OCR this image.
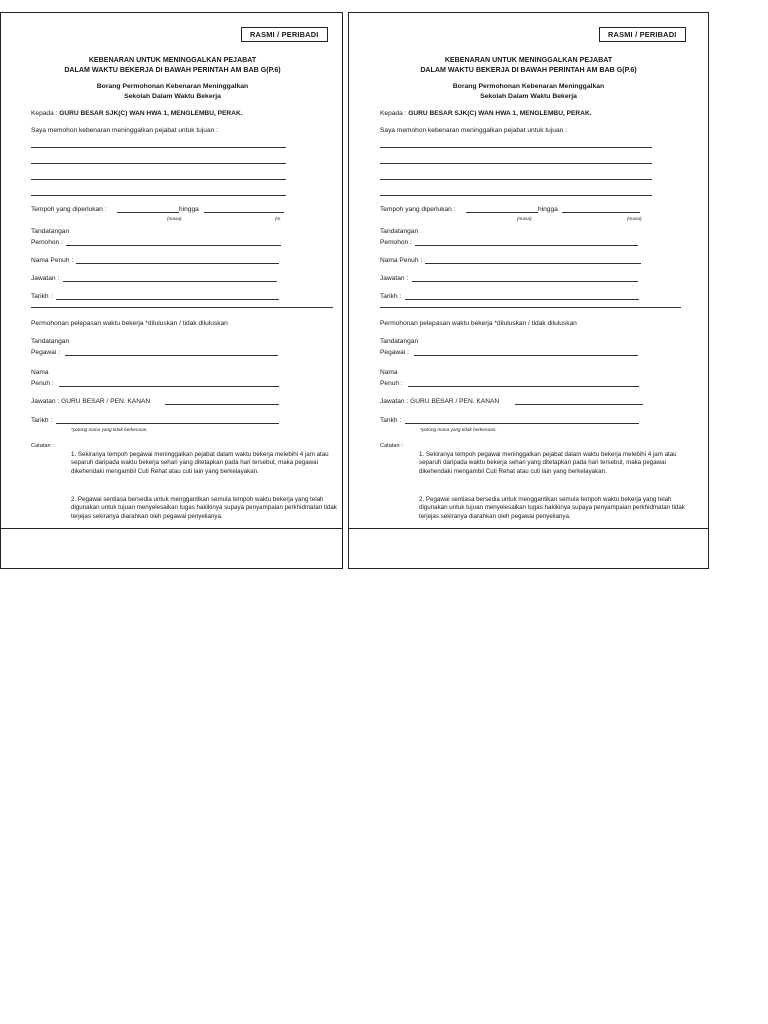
RASMI / PERIBADI
KEBENARAN UNTUK MENINGGALKAN PEJABAT
DALAM WAKTU BEKERJA DI BAWAH PERINTAH AM BAB G(P.6)
Borang Permohonan Kebenaran Meninggalkan
Sekolah Dalam Waktu Bekerja
Kepada : GURU BESAR SJK(C) WAN HWA 1, MENGLEMBU, PERAK.
Saya memohon kebenaran meninggalkan pejabat untuk tujuan :
Tempoh yang diperlukan :	hingga
(masa)	(m
Tandatangan
Pemohon :
Nama Penuh :
Jawatan :
Tarikh :
Permohonan pelepasan waktu bekerja *diluluskan / tidak diluluskan
Tandatangan
Pegawai :
Nama
Penuh :
Jawatan : GURU BESAR / PEN. KANAN
Tarikh :
*potong mana yang tidak berkenaan.
Catatan :
1. Sekiranya tempoh pegawai meninggalkan pejabat dalam waktu bekerja melebihi 4 jam atau separuh daripada waktu bekerja sehari yang ditetapkan pada hari tersebut, maka pegawai dikehendaki mengambil Cuti Rehat atau cuti lain yang berkelayakan.
2. Pegawai sentiasa bersedia untuk menggantikan semula tempoh waktu bekerja yang telah digunakan untuk tujuan menyelesaikan tugas hakikinya supaya penyampaian perkhidmatan tidak terjejas sekiranya diarahkan oleh pegawai penyelianya.
RASMI / PERIBADI
KEBENARAN UNTUK MENINGGALKAN PEJABAT
DALAM WAKTU BEKERJA DI BAWAH PERINTAH AM BAB G(P.6)
Borang Permohonan Kebenaran Meninggalkan
Sekolah Dalam Waktu Bekerja
Kepada : GURU BESAR SJK(C) WAN HWA 1, MENGLEMBU, PERAK.
Saya memohon kebenaran meninggalkan pejabat untuk tujuan :
Tempoh yang diperlukan :	hingga
(masa)	(masa)
Tandatangan
Pemohon :
Nama Penuh :
Jawatan :
Tarikh :
Permohonan pelepasan waktu bekerja *diluluskan / tidak diluluskan
Tandatangan
Pegawai :
Nama
Penuh :
Jawatan : GURU BESAR / PEN. KANAN
Tarikh :
*potong mana yang tidak berkenaan.
Catatan :
1. Sekiranya tempoh pegawai meninggalkan pejabat dalam waktu bekerja melebihi 4 jam atau separuh daripada waktu bekerja sehari yang ditetapkan pada hari tersebut, maka pegawai dikehendaki mengambil Cuti Rehat atau cuti lain yang berkelayakan.
2. Pegawai sentiasa bersedia untuk menggantikan semula tempoh waktu bekerja yang telah digunakan untuk tujuan menyelesaikan tugas hakikinya supaya penyampaian perkhidmatan tidak terjejas sekiranya diarahkan oleh pegawai penyelianya.
